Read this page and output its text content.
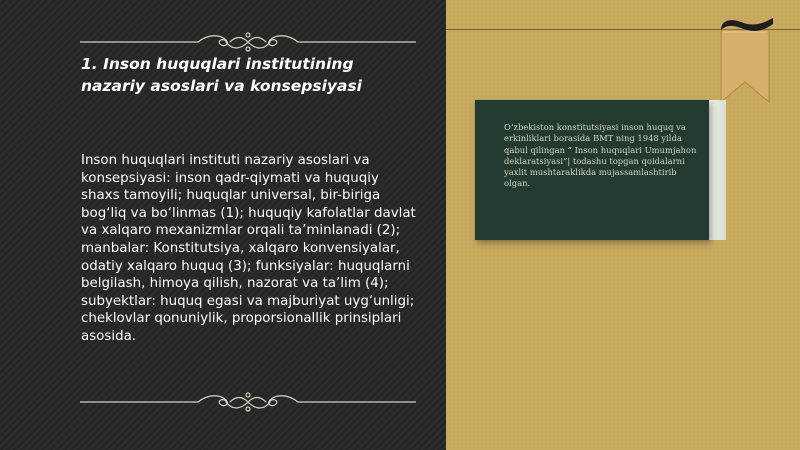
1. Inson huquqlari institutining nazariy asoslari va konsepsiyasi

Inson huquqlari instituti nazariy asoslari va konsepsiyasi: inson qadr-qiymati va huquqiy shaxs tamoyili; huquqlar universal, bir-biriga bog‘liq va bo‘linmas (1); huquqiy kafolatlar davlat va xalqaro mexanizmlar orqali ta’minlanadi (2); manbalar: Konstitutsiya, xalqaro konvensiyalar, odatiy xalqaro huquq (3); funksiyalar: huquqlarni belgilash, himoya qilish, nazorat va ta’lim (4); subyektlar: huquq egasi va majburiyat uyg‘unligi; cheklovlar qonuniylik, proporsionallik prinsiplari asosida.

O‘zbekiston konstitutsiyasi inson huquq va erkinliklari borasida BMT ning 1948 yilda qabul qilingan “ Inson huquqlari Umumjahon deklaratsiyasi”| todashu topgan qoidalarni yaхlit mushtaraklikda mujassamlashtirib olgan.
